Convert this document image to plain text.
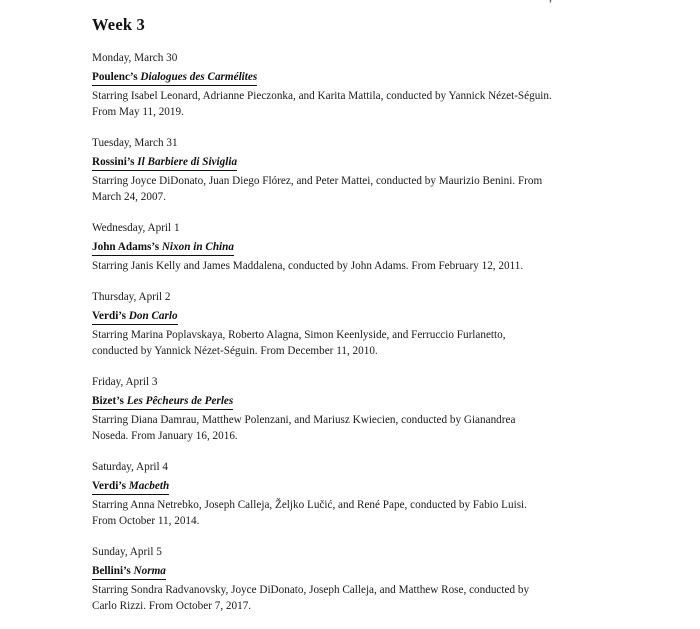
Week 3
Monday, March 30
Poulenc’s Dialogues des Carmélites

Starring Isabel Leonard, Adrianne Pieczonka, and Karita Mattila, conducted by Yannick Nézet-Séguin. From May 11, 2019.

Tuesday, March 31
Rossini’s Il Barbiere di Siviglia

Starring Joyce DiDonato, Juan Diego Flórez, and Peter Mattei, conducted by Maurizio Benini. From March 24, 2007.

Wednesday, April 1
John Adams’s Nixon in China

Starring Janis Kelly and James Maddalena, conducted by John Adams. From February 12, 2011.

Thursday, April 2
Verdi’s Don Carlo

Starring Marina Poplavskaya, Roberto Alagna, Simon Keenlyside, and Ferruccio Furlanetto, conducted by Yannick Nézet-Séguin. From December 11, 2010.

Friday, April 3
Bizet’s Les Pêcheurs de Perles

Starring Diana Damrau, Matthew Polenzani, and Mariusz Kwiecien, conducted by Gianandrea Noseda. From January 16, 2016.

Saturday, April 4
Verdi’s Macbeth

Starring Anna Netrebko, Joseph Calleja, Željko Lučić, and René Pape, conducted by Fabio Luisi. From October 11, 2014.

Sunday, April 5
Bellini’s Norma

Starring Sondra Radvanovsky, Joyce DiDonato, Joseph Calleja, and Matthew Rose, conducted by Carlo Rizzi. From October 7, 2017.
